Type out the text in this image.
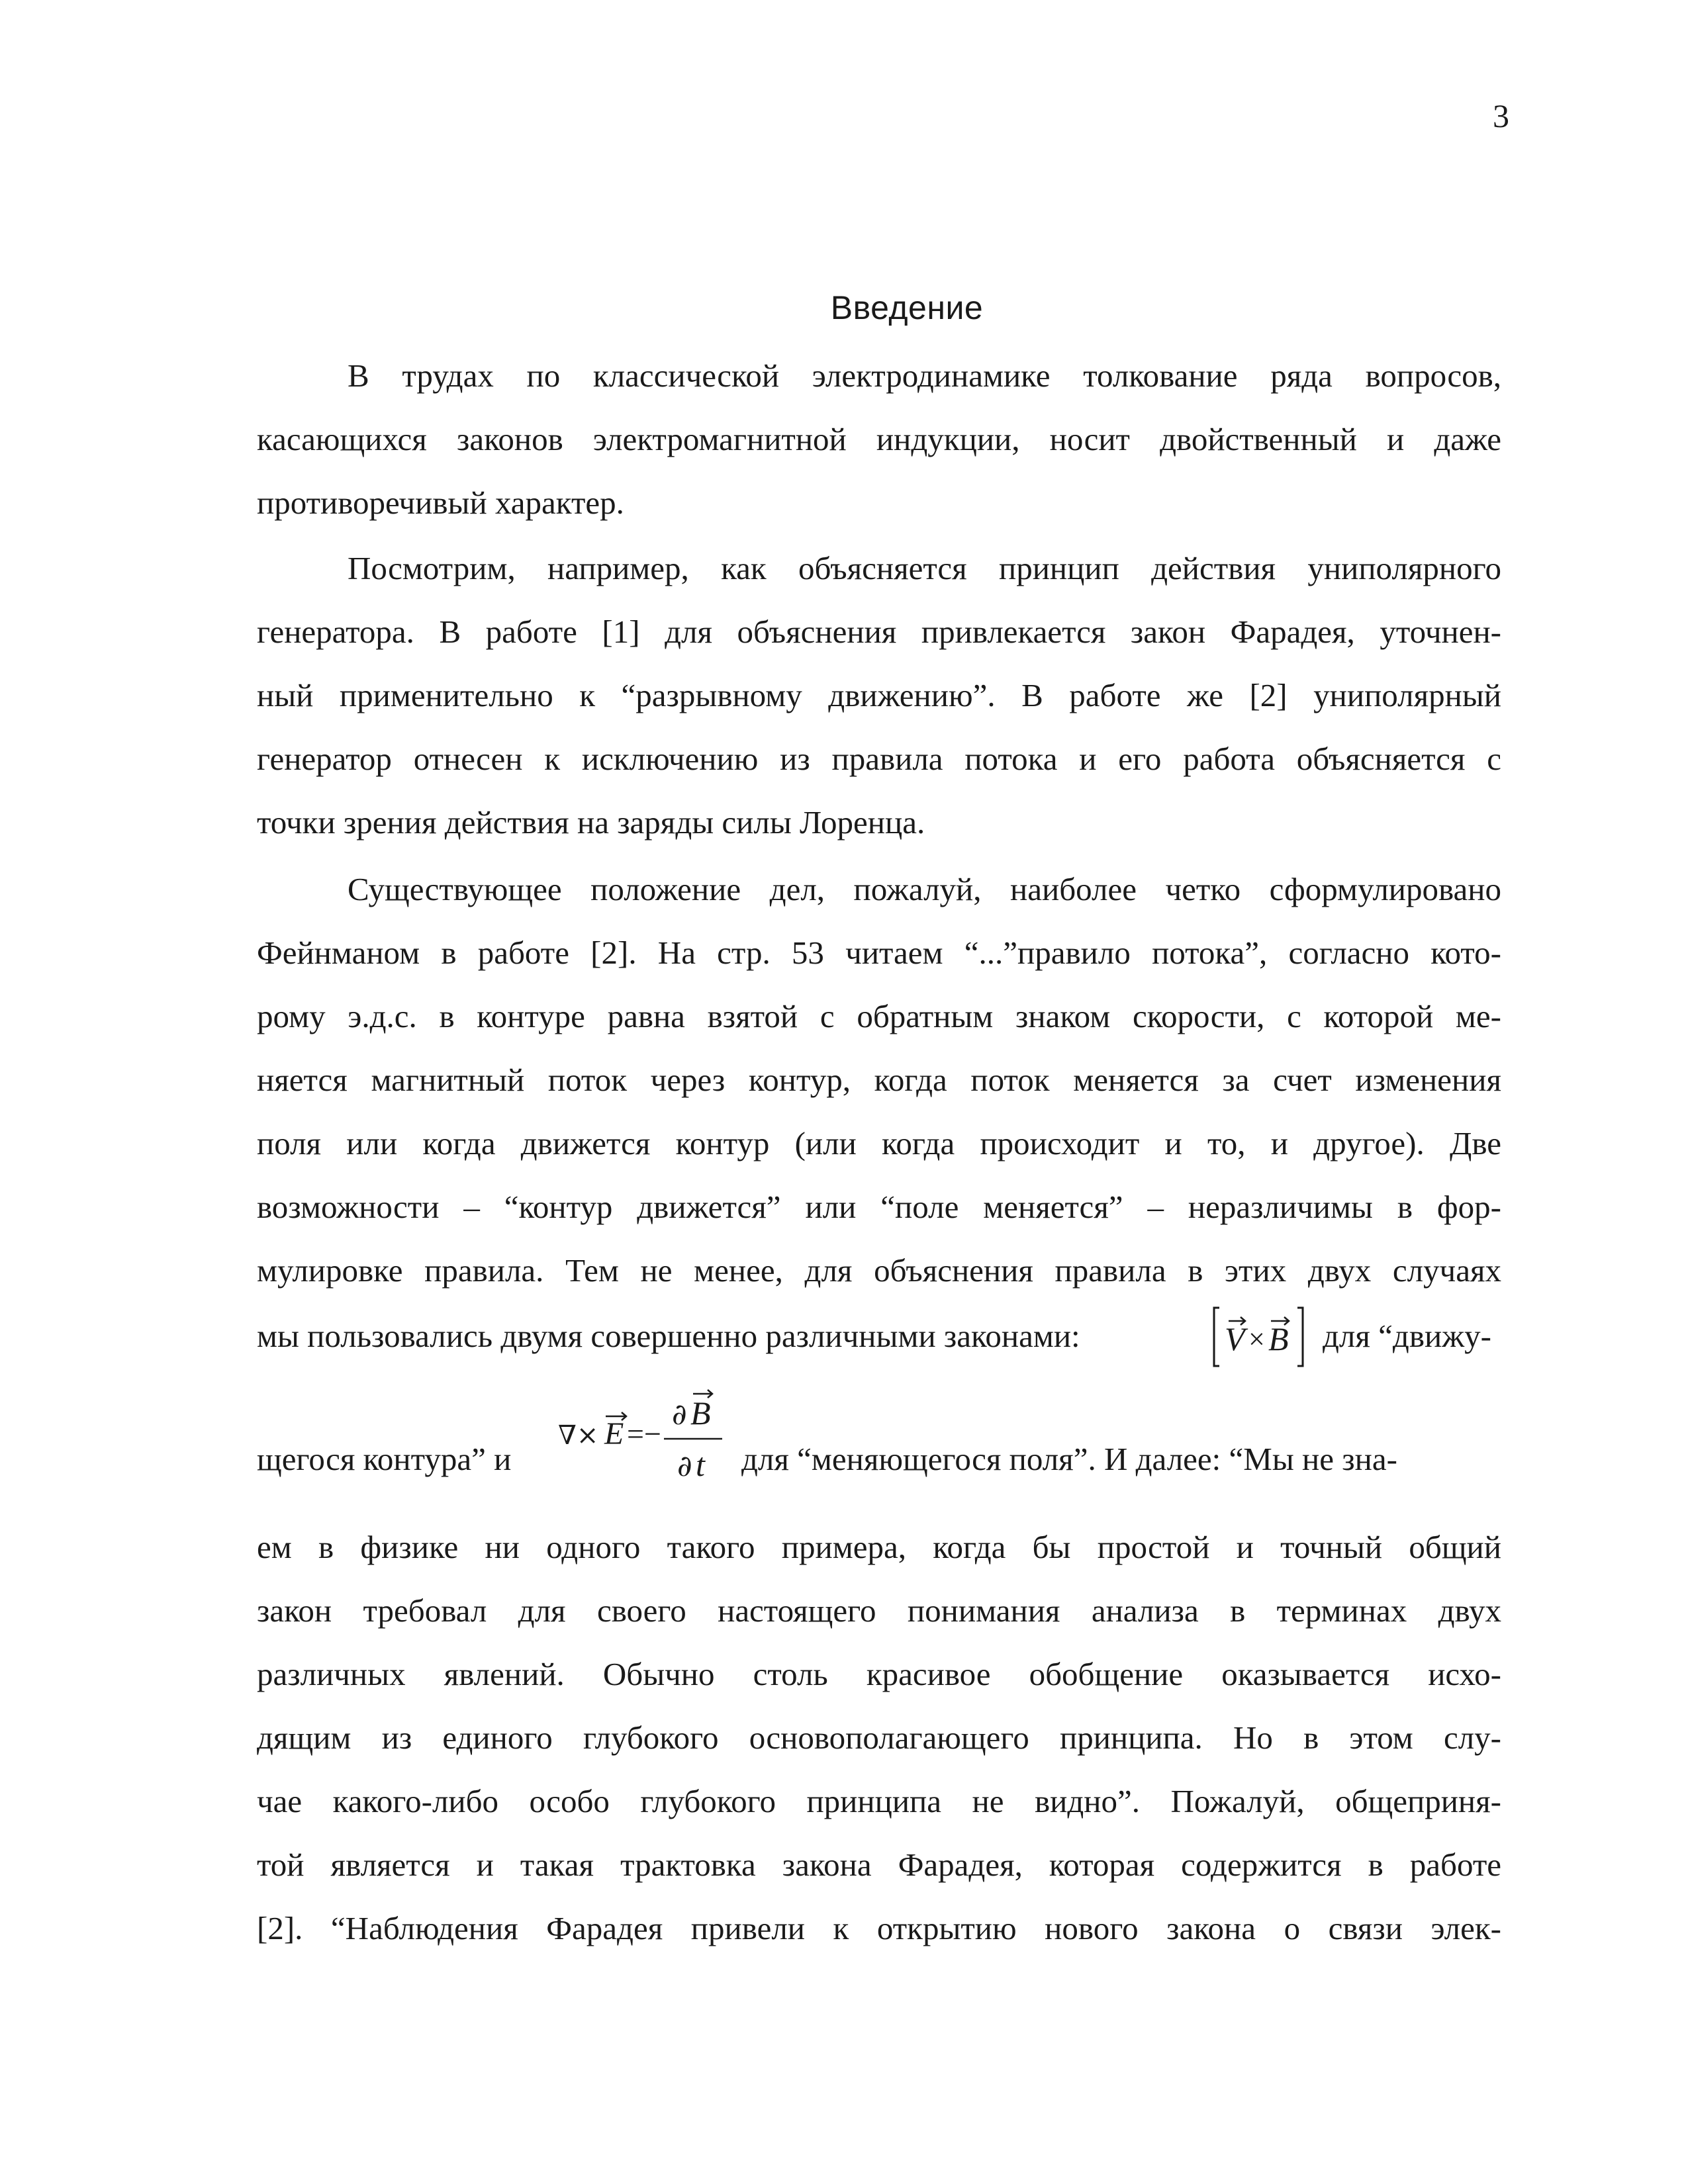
3
Введение
В трудах по классической электродинамике толкование ряда вопросов,
касающихся законов электромагнитной индукции, носит двойственный и даже
противоречивый характер.
Посмотрим, например, как объясняется принцип действия униполярного
генератора. В работе [1] для объяснения привлекается закон Фарадея, уточнен-
ный применительно к “разрывному движению”. В работе же [2] униполярный
генератор отнесен к исключению из правила потока и его работа объясняется с
точки зрения действия на заряды силы Лоренца.
Существующее положение дел, пожалуй, наиболее четко сформулировано
Фейнманом в работе [2]. На стр. 53 читаем “...”правило потока”, согласно кото-
рому э.д.с. в контуре равна взятой с обратным знаком скорости, с которой ме-
няется магнитный поток через контур, когда поток меняется за счет изменения
поля или когда движется контур (или когда происходит и то, и другое). Две
возможности – “контур движется” или “поле меняется” – неразличимы в фор-
мулировке правила. Тем не менее, для объяснения правила в этих двух случаях
мы пользовались двумя совершенно различными законами:	V × B для “движу-
щегося контура” и
∇× E =−
∂ B
∂ t для “меняющегося поля”. И далее: “Мы не зна-
ем в физике ни одного такого примера, когда бы простой и точный общий
закон требовал для своего настоящего понимания анализа в терминах двух
различных явлений. Обычно столь красивое обобщение оказывается исхо-
дящим из единого глубокого основополагающего принципа. Но в этом слу-
чае какого-либо особо глубокого принципа не видно”. Пожалуй, общеприня-
той является и такая трактовка закона Фарадея, которая содержится в работе
[2]. “Наблюдения Фарадея привели к открытию нового закона о связи элек-
